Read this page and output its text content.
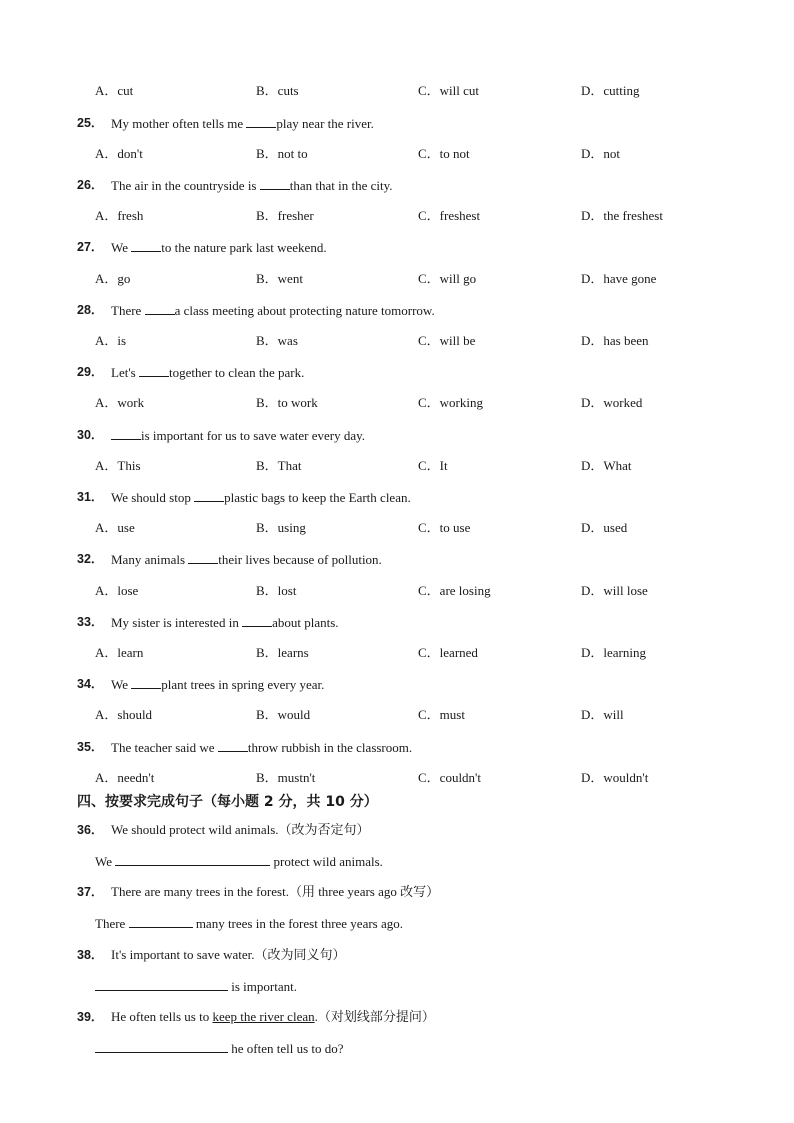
A．cut	B．cuts	C．will cut	D．cutting
25． My mother often tells me play near the river.
A．don't	B．not to	C．to not	D．not
26． The air in the countryside is than that in the city.
A．fresh	B．fresher	C．freshest	D．the freshest
27． We to the nature park last weekend.
A．go	B．went	C．will go	D．have gone
28． There a class meeting about protecting nature tomorrow.
A．is	B．was	C．will be	D．has been
29． Let's together to clean the park.
A．work	B．to work	C．working	D．worked
30．	is important for us to save water every day.
A．This	B．That	C．It	D．What
31． We should stop plastic bags to keep the Earth clean.
A．use	B．using	C．to use	D．used
32． Many animals their lives because of pollution.
A．lose	B．lost	C．are losing	D．will lose
33． My sister is interested in about plants.
A．learn	B．learns	C．learned	D．learning
34． We plant trees in spring every year.
A．should	B．would	C．must	D．will
35． The teacher said we throw rubbish in the classroom.
A．needn't	B．mustn't	C．couldn't	D．wouldn't
四、按要求完成句子（每小题 2 分，共 10 分）
36． We should protect wild animals.（改为否定句）
We	protect wild animals.
37． There are many trees in the forest.（用 three years ago 改写）
There	many trees in the forest three years ago.
38． It's important to save water.（改为同义句）
is important.
39． He often tells us to keep the river clean.（对划线部分提问）
he often tell us to do?
